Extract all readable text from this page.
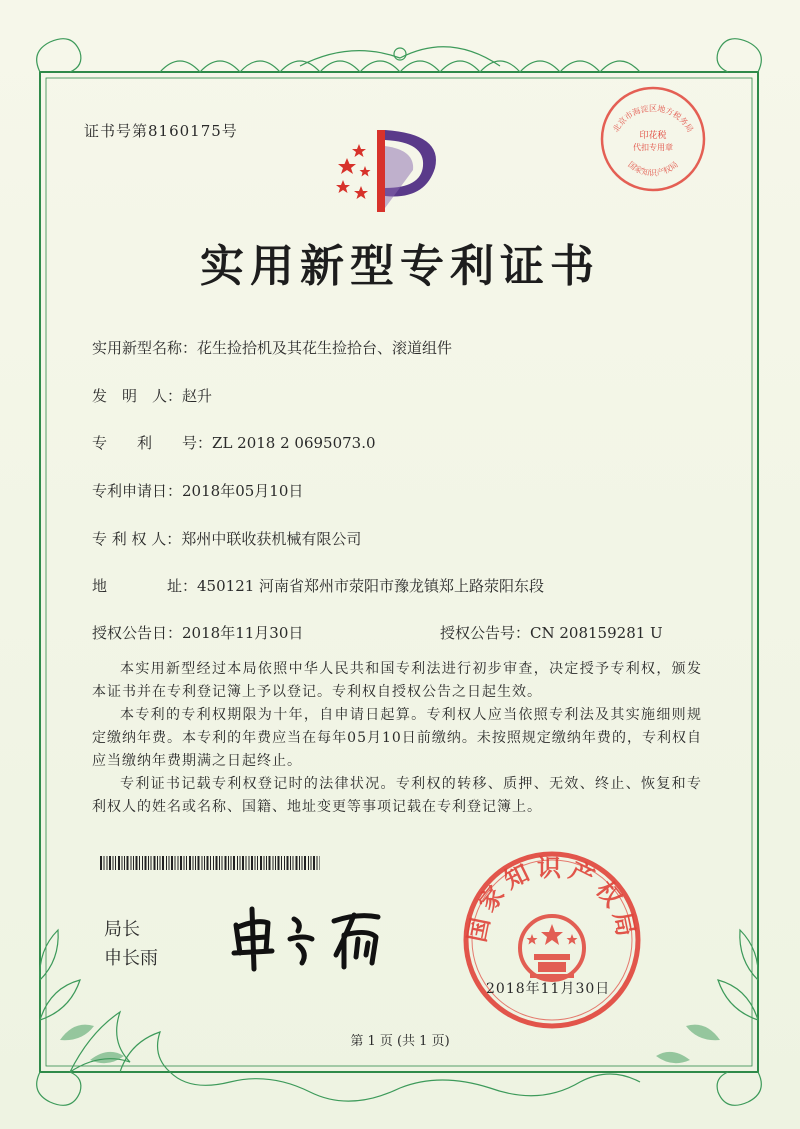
证书号第8160175号	北京市海淀区地方税务局
印花税
代扣专用章
国家知识产权局
实用新型专利证书
实用新型名称：花生捡拾机及其花生捡拾台、滚道组件
发　明　人：赵升
专　　利　　号：ZL 2018 2 0695073.0
专利申请日：2018年05月10日
专 利 权 人：郑州中联收获机械有限公司
地　　　　址：450121 河南省郑州市荥阳市豫龙镇郑上路荥阳东段
授权公告日：2018年11月30日	授权公告号：CN 208159281 U
本实用新型经过本局依照中华人民共和国专利法进行初步审查，决定授予专利权，颁发本证书并在专利登记簿上予以登记。专利权自授权公告之日起生效。
本专利的专利权期限为十年，自申请日起算。专利权人应当依照专利法及其实施细则规定缴纳年费。本专利的年费应当在每年05月10日前缴纳。未按照规定缴纳年费的，专利权自应当缴纳年费期满之日起终止。
专利证书记载专利权登记时的法律状况。专利权的转移、质押、无效、终止、恢复和专利权人的姓名或名称、国籍、地址变更等事项记载在专利登记簿上。
局长
申长雨
国家知识产权局
2018年11月30日
第 1 页 (共 1 页)
